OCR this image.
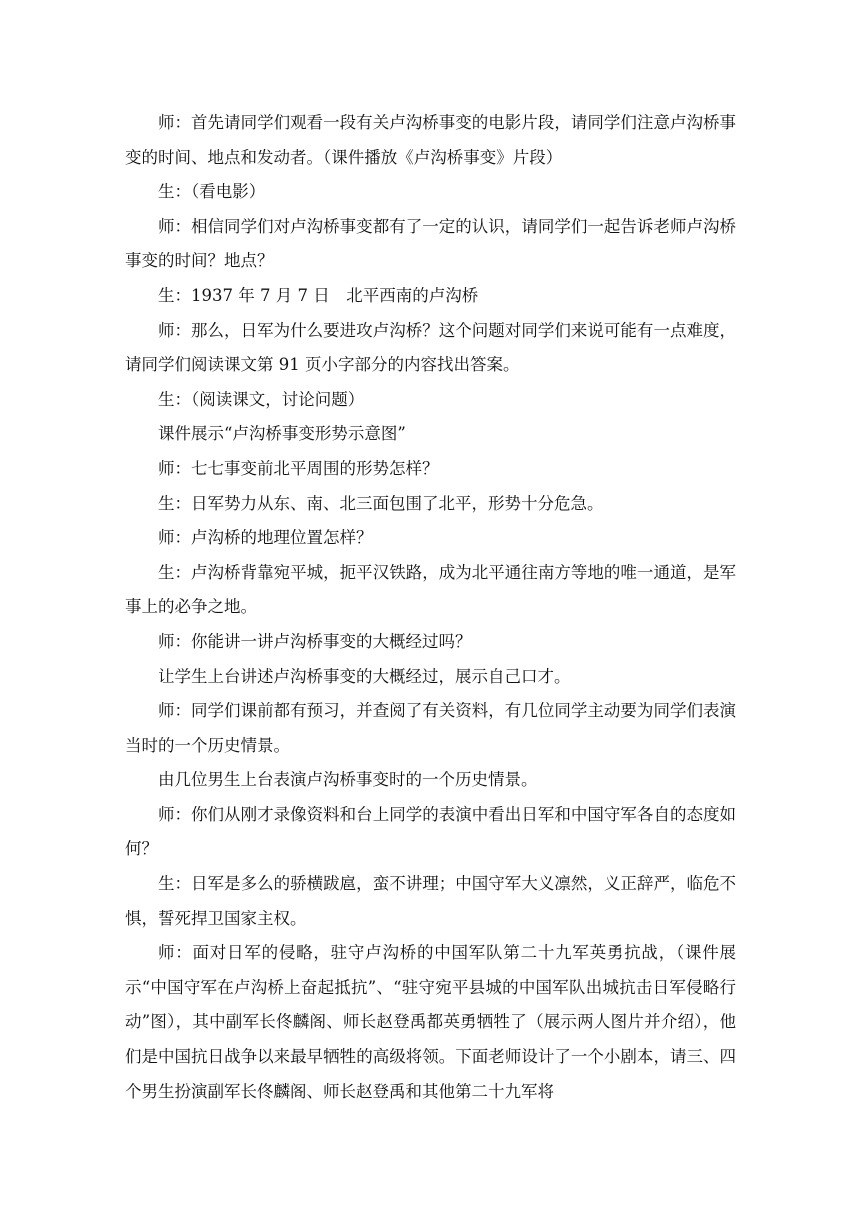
师：首先请同学们观看一段有关卢沟桥事变的电影片段，请同学们注意卢沟桥事变的时间、地点和发动者。（课件播放《卢沟桥事变》片段）

生：（看电影）

师：相信同学们对卢沟桥事变都有了一定的认识，请同学们一起告诉老师卢沟桥事变的时间？地点？

生：1937 年 7 月 7 日　北平西南的卢沟桥

师：那么，日军为什么要进攻卢沟桥？这个问题对同学们来说可能有一点难度，请同学们阅读课文第 91 页小字部分的内容找出答案。

生：（阅读课文，讨论问题）

课件展示“卢沟桥事变形势示意图”

师：七七事变前北平周围的形势怎样？

生：日军势力从东、南、北三面包围了北平，形势十分危急。

师：卢沟桥的地理位置怎样？

生：卢沟桥背靠宛平城，扼平汉铁路，成为北平通往南方等地的唯一通道，是军事上的必争之地。

师：你能讲一讲卢沟桥事变的大概经过吗？

让学生上台讲述卢沟桥事变的大概经过，展示自己口才。

师：同学们课前都有预习，并查阅了有关资料，有几位同学主动要为同学们表演当时的一个历史情景。

由几位男生上台表演卢沟桥事变时的一个历史情景。

师：你们从刚才录像资料和台上同学的表演中看出日军和中国守军各自的态度如何？

生：日军是多么的骄横跋扈，蛮不讲理；中国守军大义凛然，义正辞严，临危不惧，誓死捍卫国家主权。

师：面对日军的侵略，驻守卢沟桥的中国军队第二十九军英勇抗战，（课件展示“中国守军在卢沟桥上奋起抵抗”、“驻守宛平县城的中国军队出城抗击日军侵略行动”图），其中副军长佟麟阁、师长赵登禹都英勇牺牲了（展示两人图片并介绍），他们是中国抗日战争以来最早牺牲的高级将领。下面老师设计了一个小剧本，请三、四个男生扮演副军长佟麟阁、师长赵登禹和其他第二十九军将
